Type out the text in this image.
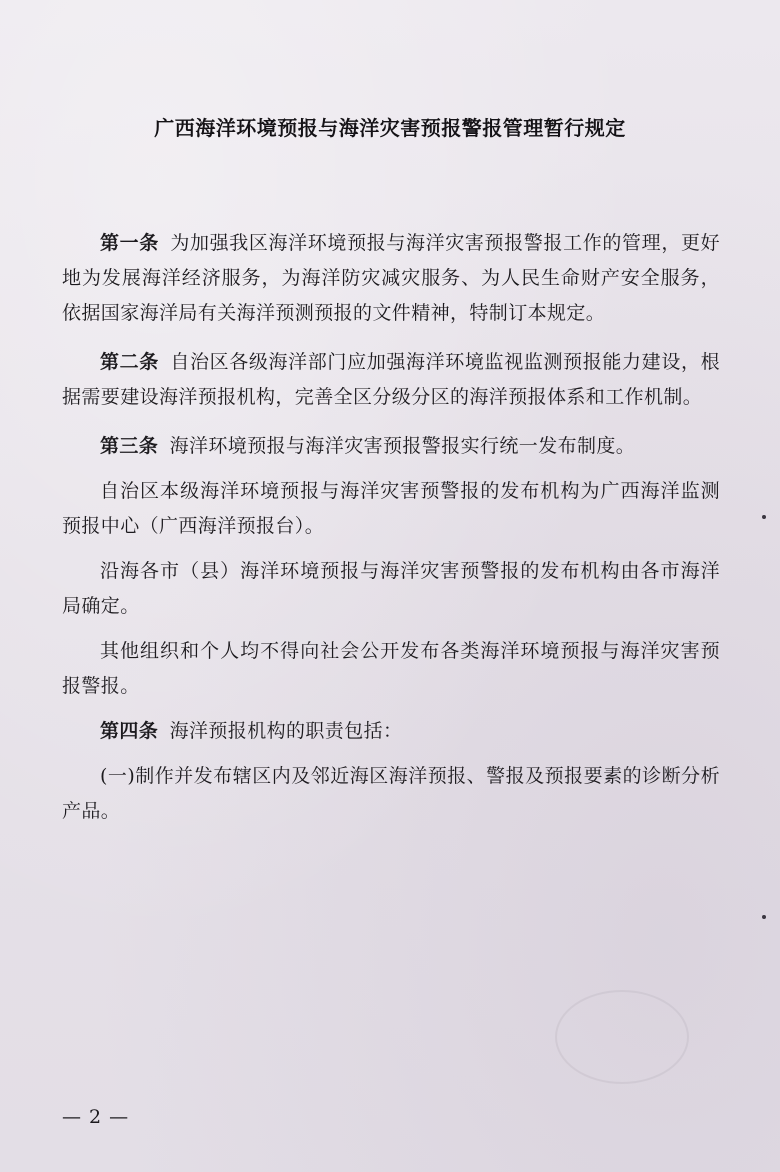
广西海洋环境预报与海洋灾害预报警报管理暂行规定

第一条 为加强我区海洋环境预报与海洋灾害预报警报工作的管理，更好地为发展海洋经济服务，为海洋防灾减灾服务、为人民生命财产安全服务，依据国家海洋局有关海洋预测预报的文件精神，特制订本规定。

第二条 自治区各级海洋部门应加强海洋环境监视监测预报能力建设，根据需要建设海洋预报机构，完善全区分级分区的海洋预报体系和工作机制。

第三条 海洋环境预报与海洋灾害预报警报实行统一发布制度。

自治区本级海洋环境预报与海洋灾害预警报的发布机构为广西海洋监测预报中心（广西海洋预报台）。

沿海各市（县）海洋环境预报与海洋灾害预警报的发布机构由各市海洋局确定。

其他组织和个人均不得向社会公开发布各类海洋环境预报与海洋灾害预报警报。

第四条 海洋预报机构的职责包括：

(一)制作并发布辖区内及邻近海区海洋预报、警报及预报要素的诊断分析产品。

— 2 —
